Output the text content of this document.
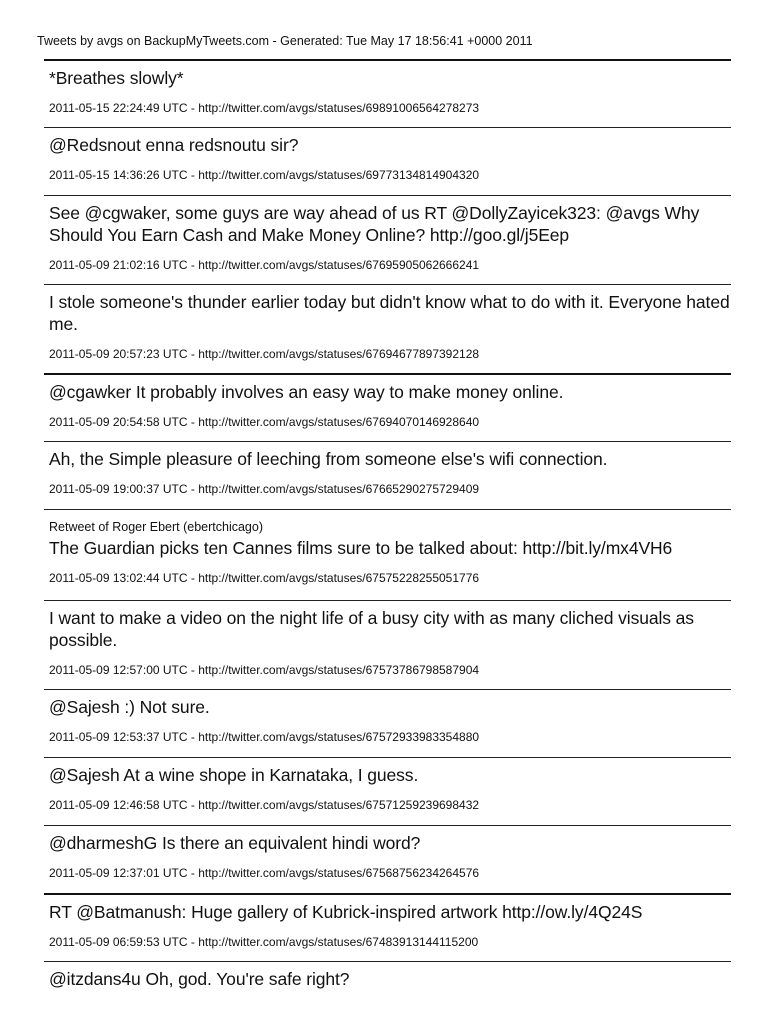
Tweets by avgs on BackupMyTweets.com - Generated: Tue May 17 18:56:41 +0000 2011
*Breathes slowly*
2011-05-15 22:24:49 UTC - http://twitter.com/avgs/statuses/69891006564278273
@Redsnout enna redsnoutu sir?
2011-05-15 14:36:26 UTC - http://twitter.com/avgs/statuses/69773134814904320
See @cgwaker, some guys are way ahead of us RT @DollyZayicek323: @avgs Why Should You Earn Cash and Make Money Online? http://goo.gl/j5Eep
2011-05-09 21:02:16 UTC - http://twitter.com/avgs/statuses/67695905062666241
I stole someone's thunder earlier today but didn't know what to do with it. Everyone hated me.
2011-05-09 20:57:23 UTC - http://twitter.com/avgs/statuses/67694677897392128
@cgawker It probably involves an easy way to make money online.
2011-05-09 20:54:58 UTC - http://twitter.com/avgs/statuses/67694070146928640
Ah, the Simple pleasure of leeching from someone else's wifi connection.
2011-05-09 19:00:37 UTC - http://twitter.com/avgs/statuses/67665290275729409
Retweet of Roger Ebert (ebertchicago)
The Guardian picks ten Cannes films sure to be talked about: http://bit.ly/mx4VH6
2011-05-09 13:02:44 UTC - http://twitter.com/avgs/statuses/67575228255051776
I want to make a video on the night life of a busy city with as many cliched visuals as possible.
2011-05-09 12:57:00 UTC - http://twitter.com/avgs/statuses/67573786798587904
@Sajesh :) Not sure.
2011-05-09 12:53:37 UTC - http://twitter.com/avgs/statuses/67572933983354880
@Sajesh At a wine shope in Karnataka, I guess.
2011-05-09 12:46:58 UTC - http://twitter.com/avgs/statuses/67571259239698432
@dharmeshG Is there an equivalent hindi word?
2011-05-09 12:37:01 UTC - http://twitter.com/avgs/statuses/67568756234264576
RT @Batmanush: Huge gallery of Kubrick-inspired artwork http://ow.ly/4Q24S
2011-05-09 06:59:53 UTC - http://twitter.com/avgs/statuses/67483913144115200
@itzdans4u Oh, god. You're safe right?
